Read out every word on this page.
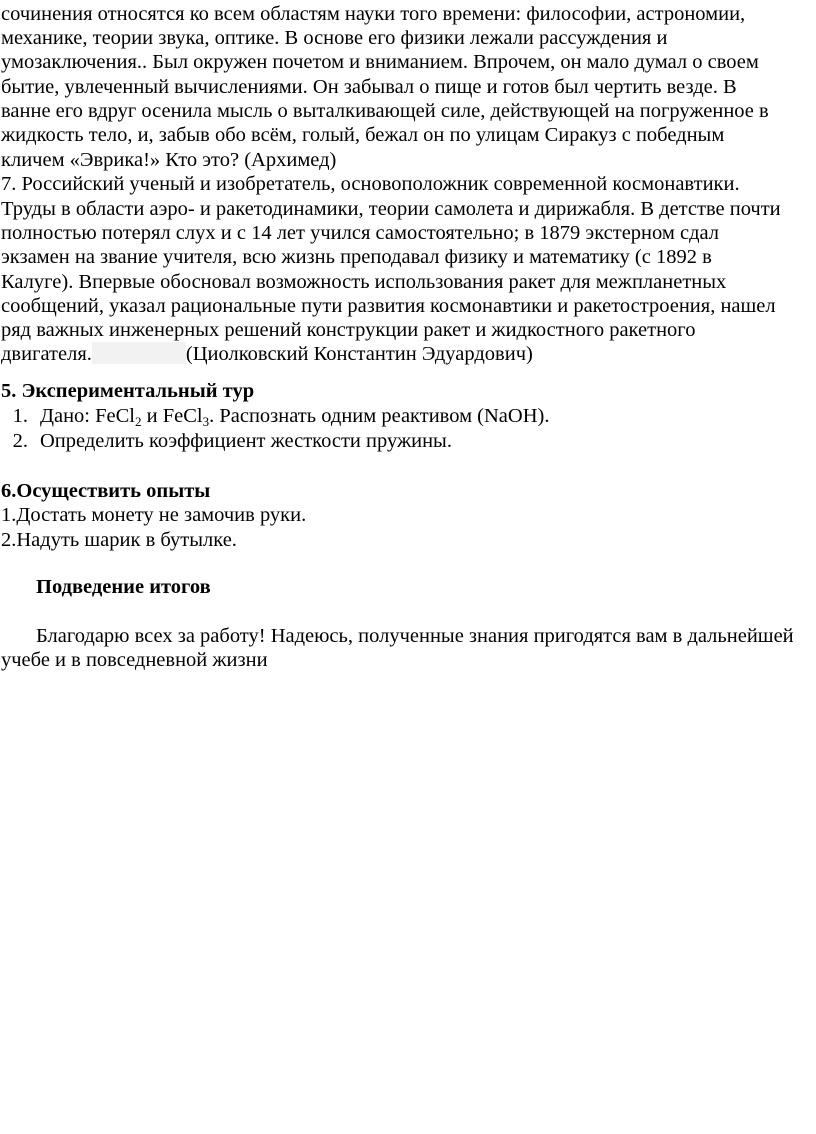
сочинения относятся ко всем областям науки того времени: философии, астрономии,
механике, теории звука, оптике. В основе его физики лежали рассуждения и
умозаключения.. Был окружен почетом и вниманием. Впрочем, он мало думал о своем
бытие, увлеченный вычислениями. Он забывал о пище и готов был чертить везде. В
ванне его вдруг осенила мысль о выталкивающей силе, действующей на погруженное в
жидкость тело, и, забыв обо всём, голый, бежал он по улицам Сиракуз с победным
кличем «Эврика!» Кто это? (Архимед)
7. Российский ученый и изобретатель, основоположник современной космонавтики.
Труды в области аэро- и ракетодинамики, теории самолета и дирижабля. В детстве почти
полностью потерял слух и с 14 лет учился самостоятельно; в 1879 экстерном сдал
экзамен на звание учителя, всю жизнь преподавал физику и математику (с 1892 в
Калуге). Впервые обосновал возможность использования ракет для межпланетных
сообщений, указал рациональные пути развития космонавтики и ракетостроения, нашел
ряд важных инженерных решений конструкции ракет и жидкостного ракетного
двигателя.	(Циолковский Константин Эдуардович)
5. Экспериментальный тур
1. Дано: FeCl$_2$ и FeCl$_3$. Распознать одним реактивом (NaOH).
2. Определить коэффициент жесткости пружины.
6.Осуществить опыты
1.Достать монету не замочив руки.
2.Надуть шарик в бутылке.
Подведение итогов
Благодарю всех за работу! Надеюсь, полученные знания пригодятся вам в дальнейшей
учебе и в повседневной жизни
